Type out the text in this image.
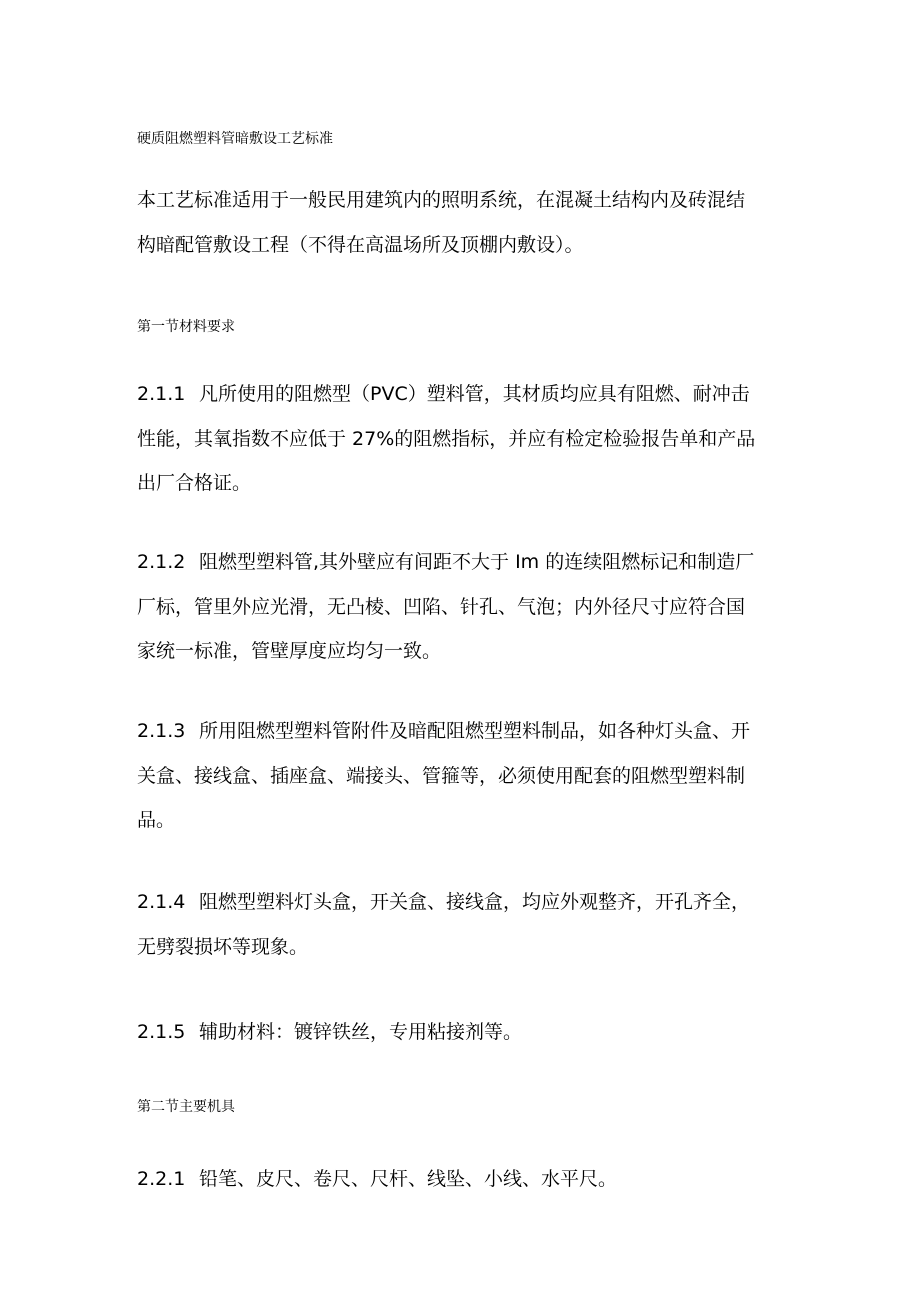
硬质阻燃塑料管暗敷设工艺标准
本工艺标准适用于一般民用建筑内的照明系统，在混凝土结构内及砖混结
构暗配管敷设工程（不得在高温场所及顶棚内敷设）。
第一节材料要求
2.1.1 凡所使用的阻燃型（PVC）塑料管，其材质均应具有阻燃、耐冲击
性能，其氧指数不应低于 27%的阻燃指标，并应有检定检验报告单和产品
出厂合格证。
2.1.2 阻燃型塑料管,其外壁应有间距不大于 Im 的连续阻燃标记和制造厂
厂标，管里外应光滑，无凸棱、凹陷、针孔、气泡；内外径尺寸应符合国
家统一标准，管壁厚度应均匀一致。
2.1.3 所用阻燃型塑料管附件及暗配阻燃型塑料制品，如各种灯头盒、开
关盒、接线盒、插座盒、端接头、管箍等，必须使用配套的阻燃型塑料制
品。
2.1.4 阻燃型塑料灯头盒，开关盒、接线盒，均应外观整齐，开孔齐全，
无劈裂损坏等现象。
2.1.5 辅助材料：镀锌铁丝，专用粘接剂等。
第二节主要机具
2.2.1 铅笔、皮尺、卷尺、尺杆、线坠、小线、水平尺。
